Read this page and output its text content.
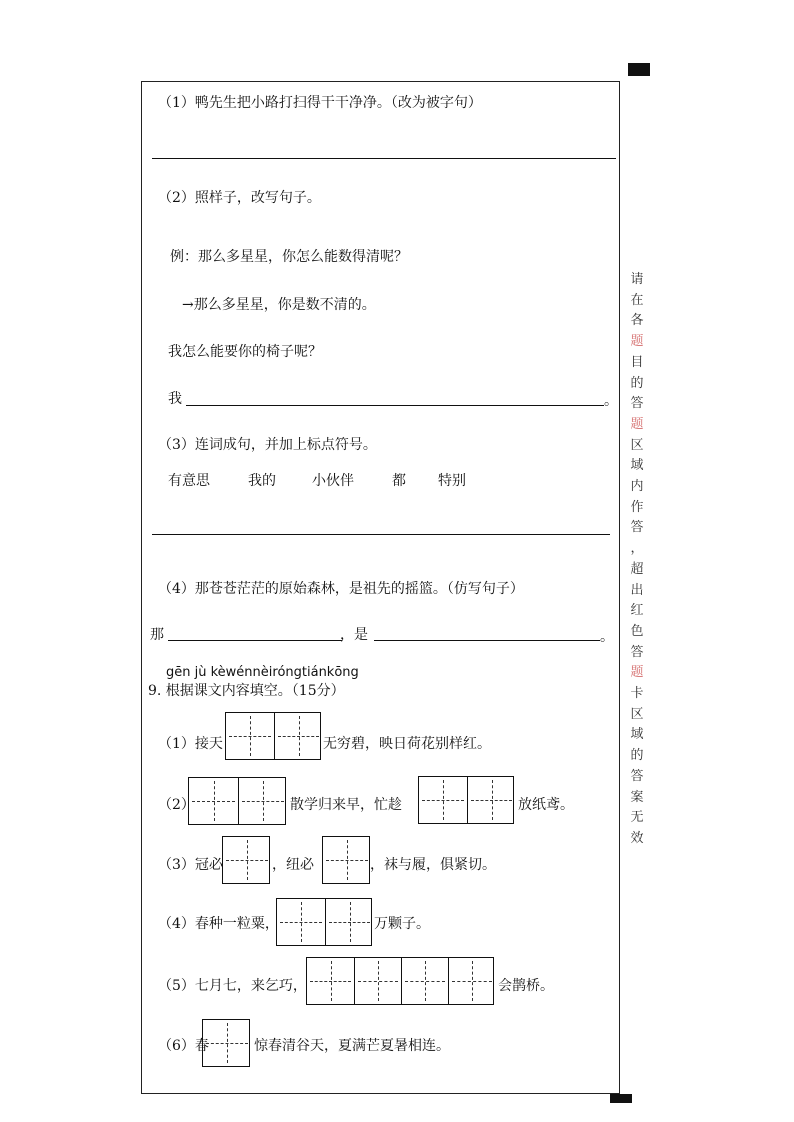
（1）鸭先生把小路打扫得干干净净。（改为被字句）
（2）照样子，改写句子。
例：那么多星星，你怎么能数得清呢？
→那么多星星，你是数不清的。
我怎么能要你的椅子呢？
我	。
（3）连词成句，并加上标点符号。
有意思	我的	小伙伴	都 特别
（4）那苍苍茫茫的原始森林，是祖先的摇篮。（仿写句子）
那	，是	。
gēn jù kèwénnèiróngtiánkōng
9. 根据课文内容填空。（15分）
（1）接天	无穷碧，映日荷花别样红。
（2）	散学归来早，忙趁	放纸鸢。
（3）冠必	，纽必	，袜与履，俱紧切。
（4）春种一粒粟，	万颗子。
（5）七月七，来乞巧，	会鹊桥。
（6）春	惊春清谷天，夏满芒夏暑相连。
请
在
各
题
目
的
答
题
区
域
内
作
答
，
超
出
红
色
答
题
卡
区
域
的
答
案
无
效
